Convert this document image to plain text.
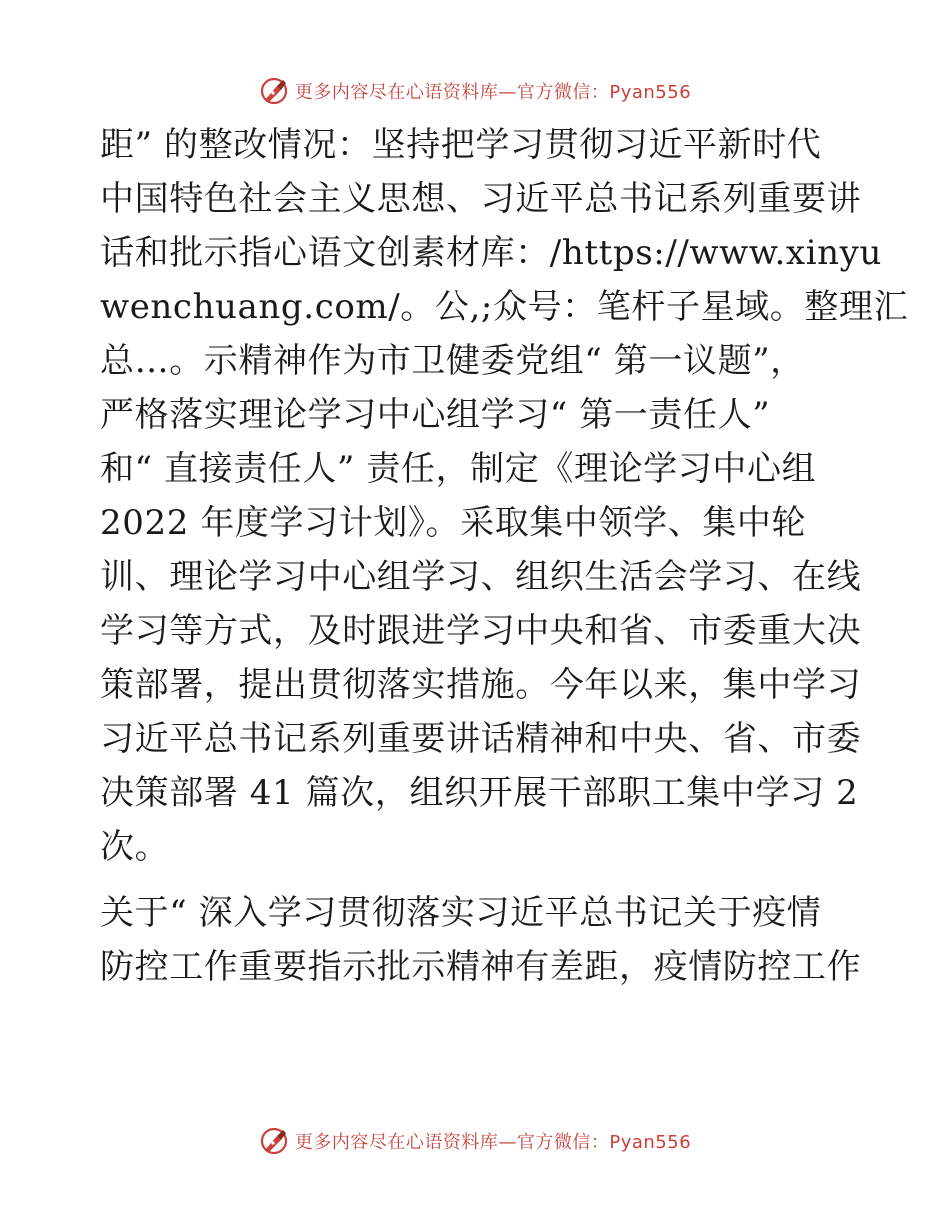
更多内容尽在心语资料库—官方微信：Pyan556
距” 的整改情况：坚持把学习贯彻习近平新时代
中国特色社会主义思想、习近平总书记系列重要讲
话和批示指心语文创素材库：/https://www.xinyu
wenchuang.com/。公,;众号：笔杆子星域。整理汇
总…。示精神作为市卫健委党组“ 第一议题”，
严格落实理论学习中心组学习“ 第一责任人”
和“ 直接责任人” 责任，制定《理论学习中心组
2022 年度学习计划》。采取集中领学、集中轮
训、理论学习中心组学习、组织生活会学习、在线
学习等方式，及时跟进学习中央和省、市委重大决
策部署，提出贯彻落实措施。今年以来，集中学习
习近平总书记系列重要讲话精神和中央、省、市委
决策部署 41 篇次，组织开展干部职工集中学习 2
次。
关于“ 深入学习贯彻落实习近平总书记关于疫情
防控工作重要指示批示精神有差距，疫情防控工作
更多内容尽在心语资料库—官方微信：Pyan556
